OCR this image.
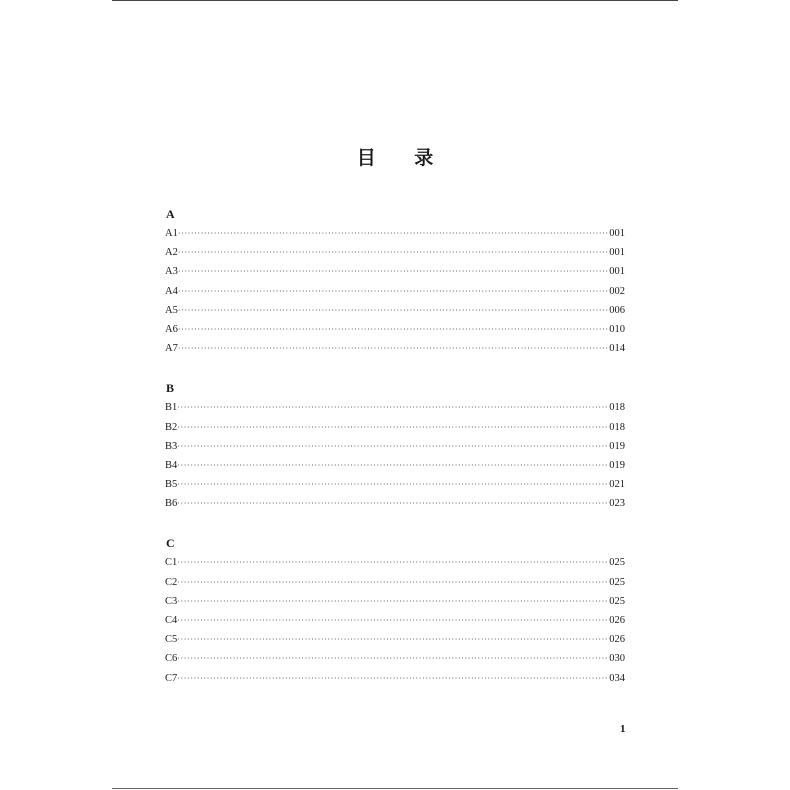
目 录
A
A1 ·····	001
A2 ·····	001
A3 ·····	001
A4 ·····	002
A5 ·····	006
A6 ·····	010
A7 ·····	014
B
B1 ·····	018
B2 ·····	018
B3 ·····	019
B4 ·····	019
B5 ·····	021
B6 ·····	023
C
C1 ·····	025
C2 ·····	025
C3 ·····	025
C4 ·····	026
C5 ·····	026
C6 ·····	030
C7 ·····	034
1
